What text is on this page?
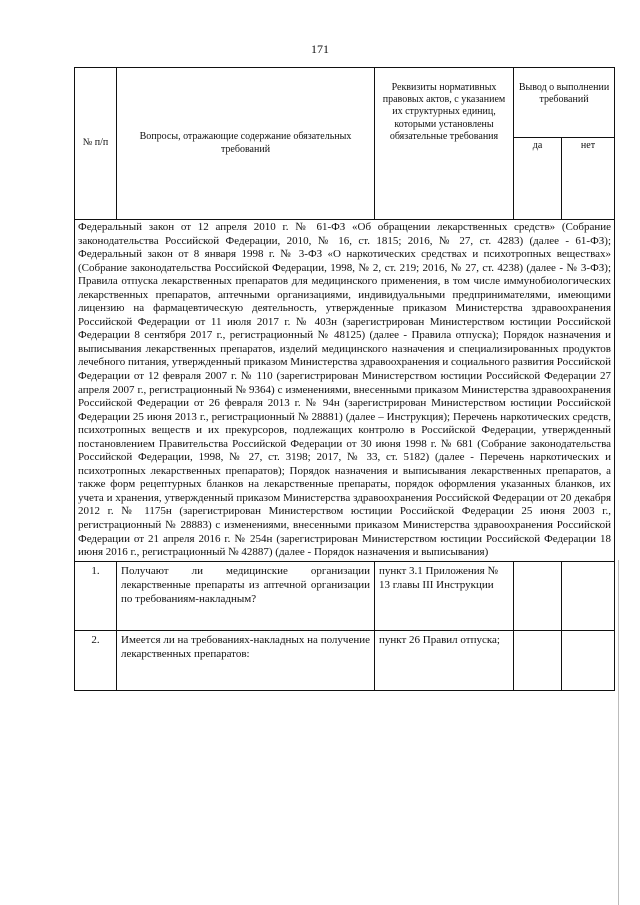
171
№ п/п	Вопросы, отражающие содержание обязательных требований	Реквизиты нормативных правовых актов, с указанием их структурных единиц, которыми установлены обязательные требования	Вывод о выполнении требований	
			да	нет
Федеральный закон от 12 апреля 2010 г. № 61-ФЗ «Об обращении лекарственных средств» (Собрание законодательства Российской Федерации, 2010, № 16, ст. 1815; 2016, № 27, ст. 4283) (далее - 61-ФЗ); Федеральный закон от 8 января 1998 г. № 3-ФЗ «О наркотических средствах и психотропных веществах» (Собрание законодательства Российской Федерации, 1998, № 2, ст. 219; 2016, № 27, ст. 4238) (далее - № 3-ФЗ); Правила отпуска лекарственных препаратов для медицинского применения, в том числе иммунобиологических лекарственных препаратов, аптечными организациями, индивидуальными предпринимателями, имеющими лицензию на фармацевтическую деятельность, утвержденные приказом Министерства здравоохранения Российской Федерации от 11 июля 2017 г. № 403н (зарегистрирован Министерством юстиции Российской Федерации 8 сентября 2017 г., регистрационный № 48125) (далее - Правила отпуска); Порядок назначения и выписывания лекарственных препаратов, изделий медицинского назначения и специализированных продуктов лечебного питания, утвержденный приказом Министерства здравоохранения и социального развития Российской Федерации от 12 февраля 2007 г. № 110 (зарегистрирован Министерством юстиции Российской Федерации 27 апреля 2007 г., регистрационный № 9364) с изменениями, внесенными приказом Министерства здравоохранения Российской Федерации от 26 февраля 2013 г. № 94н (зарегистрирован Министерством юстиции Российской Федерации 25 июня 2013 г., регистрационный № 28881) (далее – Инструкция); Перечень наркотических средств, психотропных веществ и их прекурсоров, подлежащих контролю в Российской Федерации, утвержденный постановлением Правительства Российской Федерации от 30 июня 1998 г. № 681 (Собрание законодательства Российской Федерации, 1998, № 27, ст. 3198; 2017, № 33, ст. 5182) (далее - Перечень наркотических и психотропных лекарственных препаратов); Порядок назначения и выписывания лекарственных препаратов, а также форм рецептурных бланков на лекарственные препараты, порядок оформления указанных бланков, их учета и хранения, утвержденный приказом Министерства здравоохранения Российской Федерации от 20 декабря 2012 г. № 1175н (зарегистрирован Министерством юстиции Российской Федерации 25 июня 2003 г., регистрационный № 28883) с изменениями, внесенными приказом Министерства здравоохранения Российской Федерации от 21 апреля 2016 г. № 254н (зарегистрирован Министерством юстиции Российской Федерации 18 июня 2016 г., регистрационный № 42887) (далее - Порядок назначения и выписывания)				
1.	Получают ли медицинские организации лекарственные препараты из аптечной организации по требованиям-накладным?	пункт 3.1 Приложения № 13 главы III Инструкции		
2.	Имеется ли на требованиях-накладных на получение лекарственных препаратов:	пункт 26 Правил отпуска;		
